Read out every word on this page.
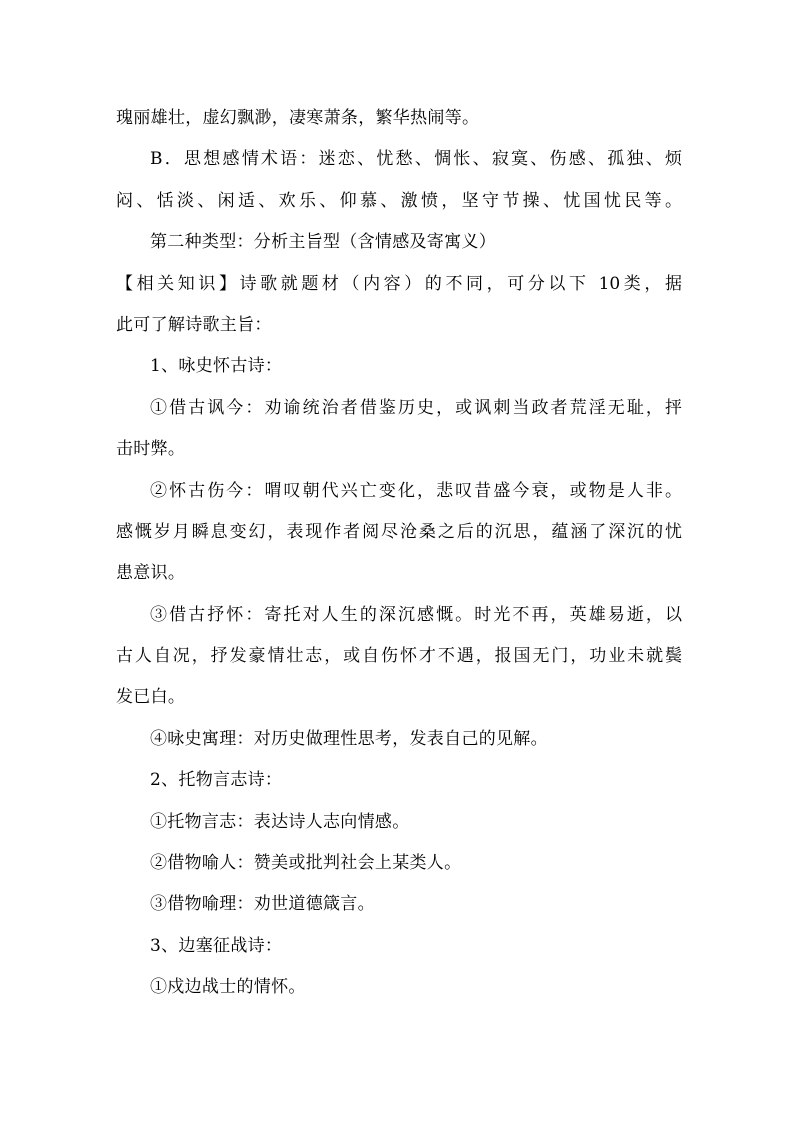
瑰丽雄壮，虚幻飘渺，凄寒萧条，繁华热闹等。
B．思想感情术语：迷恋、忧愁、惆怅、寂寞、伤感、孤独、烦
闷、恬淡、闲适、欢乐、仰慕、激愤，坚守节操、忧国忧民等。
第二种类型：分析主旨型（含情感及寄寓义）
【相关知识】诗歌就题材（内容）的不同，可分以下 10类，据
此可了解诗歌主旨：
1、咏史怀古诗：
①借古讽今：劝谕统治者借鉴历史，或讽刺当政者荒淫无耻，抨
击时弊。
②怀古伤今：喟叹朝代兴亡变化，悲叹昔盛今衰，或物是人非。
感慨岁月瞬息变幻，表现作者阅尽沧桑之后的沉思，蕴涵了深沉的忧
患意识。
③借古抒怀：寄托对人生的深沉感慨。时光不再，英雄易逝，以
古人自况，抒发豪情壮志，或自伤怀才不遇，报国无门，功业未就鬓
发已白。
④咏史寓理：对历史做理性思考，发表自己的见解。
2、托物言志诗：
①托物言志：表达诗人志向情感。
②借物喻人：赞美或批判社会上某类人。
③借物喻理：劝世道德箴言。
3、边塞征战诗：
①戍边战士的情怀。
